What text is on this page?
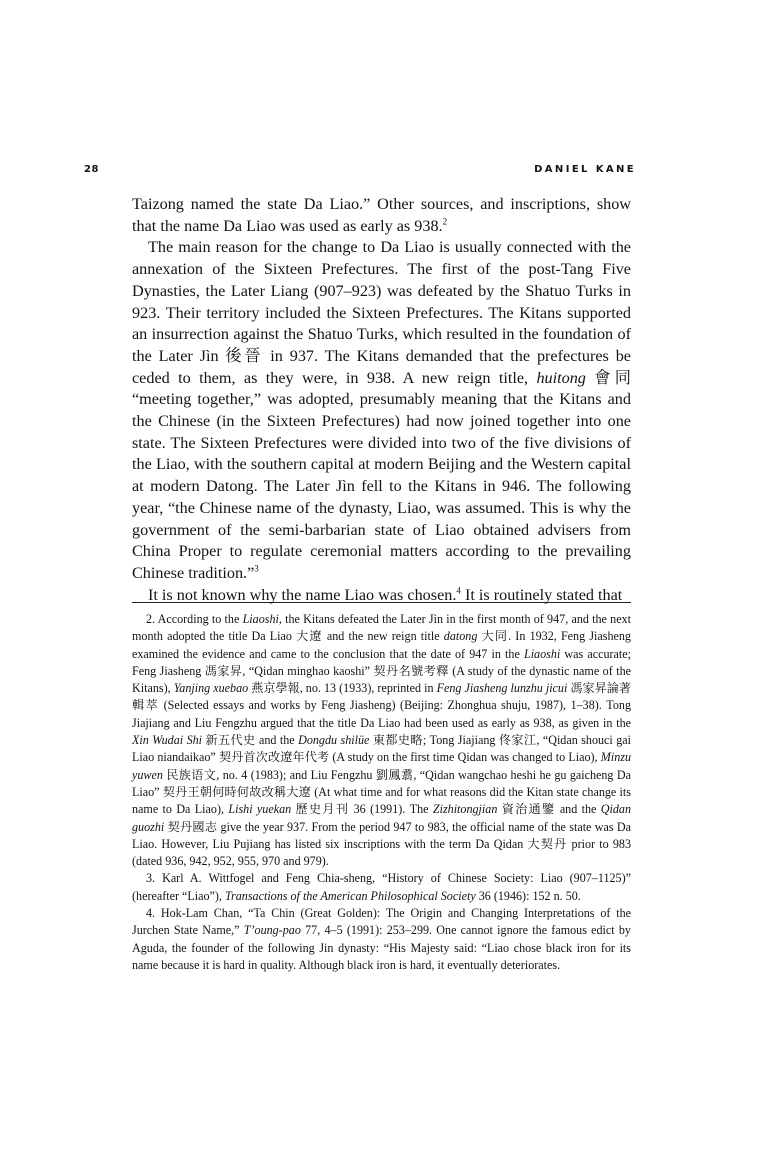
28	DANIEL KANE

Taizong named the state Da Liao.” Other sources, and inscriptions, show that the name Da Liao was used as early as 938.$^2$

The main reason for the change to Da Liao is usually connected with the annexation of the Sixteen Prefectures. The first of the post-Tang Five Dynasties, the Later Liang (907–923) was defeated by the Shatuo Turks in 923. Their territory included the Sixteen Prefectures. The Kitans supported an insurrection against the Shatuo Turks, which resulted in the foundation of the Later Jìn 後晉 in 937. The Kitans demanded that the prefectures be ceded to them, as they were, in 938. A new reign title, huitong 會同 “meeting together,” was adopted, presumably meaning that the Kitans and the Chinese (in the Sixteen Prefectures) had now joined together into one state. The Sixteen Prefectures were divided into two of the five divisions of the Liao, with the southern capital at modern Beijing and the Western capital at modern Datong. The Later Jìn fell to the Kitans in 946. The following year, “the Chinese name of the dynasty, Liao, was assumed. This is why the government of the semi-barbarian state of Liao obtained advisers from China Proper to regulate ceremonial matters according to the prevailing Chinese tradition.”$^3$

It is not known why the name Liao was chosen.$^4$ It is routinely stated that

2. According to the Liaoshi, the Kitans defeated the Later Jìn in the first month of 947, and the next month adopted the title Da Liao 大遼 and the new reign title datong 大同. In 1932, Feng Jiasheng examined the evidence and came to the conclusion that the date of 947 in the Liaoshi was accurate; Feng Jiasheng 馮家昇, “Qidan minghao kaoshi” 契丹名號考釋 (A study of the dynastic name of the Kitans), Yanjing xuebao 燕京學報, no. 13 (1933), reprinted in Feng Jiasheng lunzhu jicui 馮家昇論著輯萃 (Selected essays and works by Feng Jiasheng) (Beijing: Zhonghua shuju, 1987), 1–38). Tong Jiajiang and Liu Fengzhu argued that the title Da Liao had been used as early as 938, as given in the Xin Wudai Shi 新五代史 and the Dongdu shilüe 東都史略; Tong Jiajiang 佟家江, “Qidan shouci gai Liao niandaikao” 契丹首次改遼年代考 (A study on the first time Qidan was changed to Liao), Minzu yuwen 民族语文, no. 4 (1983); and Liu Fengzhu 劉鳳翥, “Qidan wangchao heshi he gu gaicheng Da Liao” 契丹王朝何時何故改稱大遼 (At what time and for what reasons did the Kitan state change its name to Da Liao), Lishi yuekan 歷史月刊 36 (1991). The Zizhitongjian 資治通鑒 and the Qidan guozhi 契丹國志 give the year 937. From the period 947 to 983, the official name of the state was Da Liao. However, Liu Pujiang has listed six inscriptions with the term Da Qidan 大契丹 prior to 983 (dated 936, 942, 952, 955, 970 and 979).

3. Karl A. Wittfogel and Feng Chia-sheng, “History of Chinese Society: Liao (907–1125)” (hereafter “Liao”), Transactions of the American Philosophical Society 36 (1946): 152 n. 50.

4. Hok-Lam Chan, “Ta Chin (Great Golden): The Origin and Changing Interpretations of the Jurchen State Name,” T’oung-pao 77, 4–5 (1991): 253–299. One cannot ignore the famous edict by Aguda, the founder of the following Jin dynasty: “His Majesty said: “Liao chose black iron for its name because it is hard in quality. Although black iron is hard, it eventually deteriorates.
